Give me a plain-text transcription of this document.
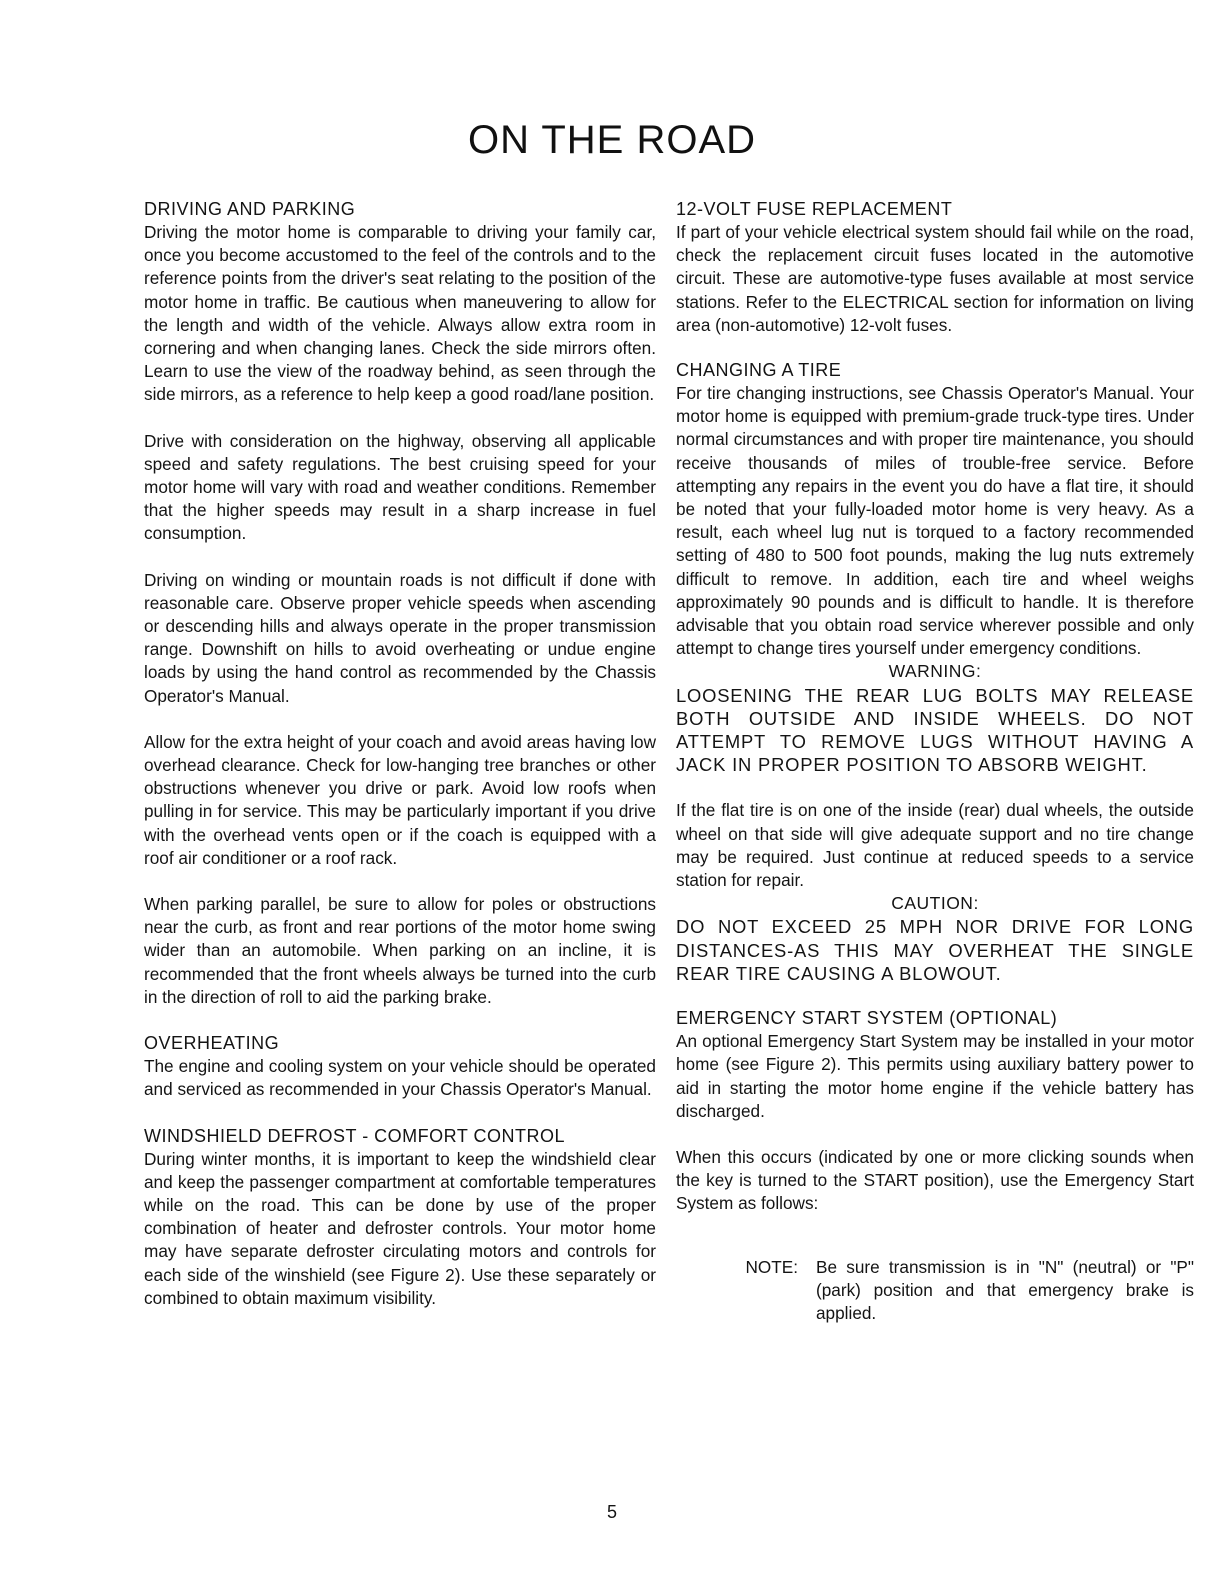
ON THE ROAD
DRIVING AND PARKING

Driving the motor home is comparable to driving your family car, once you become accustomed to the feel of the controls and to the reference points from the driver's seat relating to the position of the motor home in traffic. Be cautious when maneuvering to allow for the length and width of the vehicle. Always allow extra room in cornering and when changing lanes. Check the side mirrors often. Learn to use the view of the roadway behind, as seen through the side mirrors, as a reference to help keep a good road/lane position.

Drive with consideration on the highway, observing all applicable speed and safety regulations. The best cruising speed for your motor home will vary with road and weather conditions. Remember that the higher speeds may result in a sharp increase in fuel consumption.

Driving on winding or mountain roads is not difficult if done with reasonable care. Observe proper vehicle speeds when ascending or descending hills and always operate in the proper transmission range. Downshift on hills to avoid overheating or undue engine loads by using the hand control as recommended by the Chassis Operator's Manual.

Allow for the extra height of your coach and avoid areas having low overhead clearance. Check for low-hanging tree branches or other obstructions whenever you drive or park. Avoid low roofs when pulling in for service. This may be particularly important if you drive with the overhead vents open or if the coach is equipped with a roof air conditioner or a roof rack.

When parking parallel, be sure to allow for poles or obstructions near the curb, as front and rear portions of the motor home swing wider than an automobile. When parking on an incline, it is recommended that the front wheels always be turned into the curb in the direction of roll to aid the parking brake.

OVERHEATING

The engine and cooling system on your vehicle should be operated and serviced as recommended in your Chassis Operator's Manual.

WINDSHIELD DEFROST - COMFORT CONTROL

During winter months, it is important to keep the windshield clear and keep the passenger compartment at comfortable temperatures while on the road. This can be done by use of the proper combination of heater and defroster controls. Your motor home may have separate defroster circulating motors and controls for each side of the winshield (see Figure 2). Use these separately or combined to obtain maximum visibility.

12-VOLT FUSE REPLACEMENT

If part of your vehicle electrical system should fail while on the road, check the replacement circuit fuses located in the automotive circuit. These are automotive-type fuses available at most service stations. Refer to the ELECTRICAL section for information on living area (non-automotive) 12-volt fuses.

CHANGING A TIRE

For tire changing instructions, see Chassis Operator's Manual. Your motor home is equipped with premium-grade truck-type tires. Under normal circumstances and with proper tire maintenance, you should receive thousands of miles of trouble-free service. Before attempting any repairs in the event you do have a flat tire, it should be noted that your fully-loaded motor home is very heavy. As a result, each wheel lug nut is torqued to a factory recommended setting of 480 to 500 foot pounds, making the lug nuts extremely difficult to remove. In addition, each tire and wheel weighs approximately 90 pounds and is difficult to handle. It is therefore advisable that you obtain road service wherever possible and only attempt to change tires yourself under emergency conditions.

WARNING:
LOOSENING THE REAR LUG BOLTS MAY RELEASE BOTH OUTSIDE AND INSIDE WHEELS. DO NOT ATTEMPT TO REMOVE LUGS WITHOUT HAVING A JACK IN PROPER POSITION TO ABSORB WEIGHT.

If the flat tire is on one of the inside (rear) dual wheels, the outside wheel on that side will give adequate support and no tire change may be required. Just continue at reduced speeds to a service station for repair.

CAUTION:
DO NOT EXCEED 25 MPH NOR DRIVE FOR LONG DISTANCES-AS THIS MAY OVERHEAT THE SINGLE REAR TIRE CAUSING A BLOWOUT.
EMERGENCY START SYSTEM (OPTIONAL)

An optional Emergency Start System may be installed in your motor home (see Figure 2). This permits using auxiliary battery power to aid in starting the motor home engine if the vehicle battery has discharged.

When this occurs (indicated by one or more clicking sounds when the key is turned to the START position), use the Emergency Start System as follows:

NOTE:	Be sure transmission is in "N" (neutral) or "P" (park) position and that emergency brake is applied.
5
